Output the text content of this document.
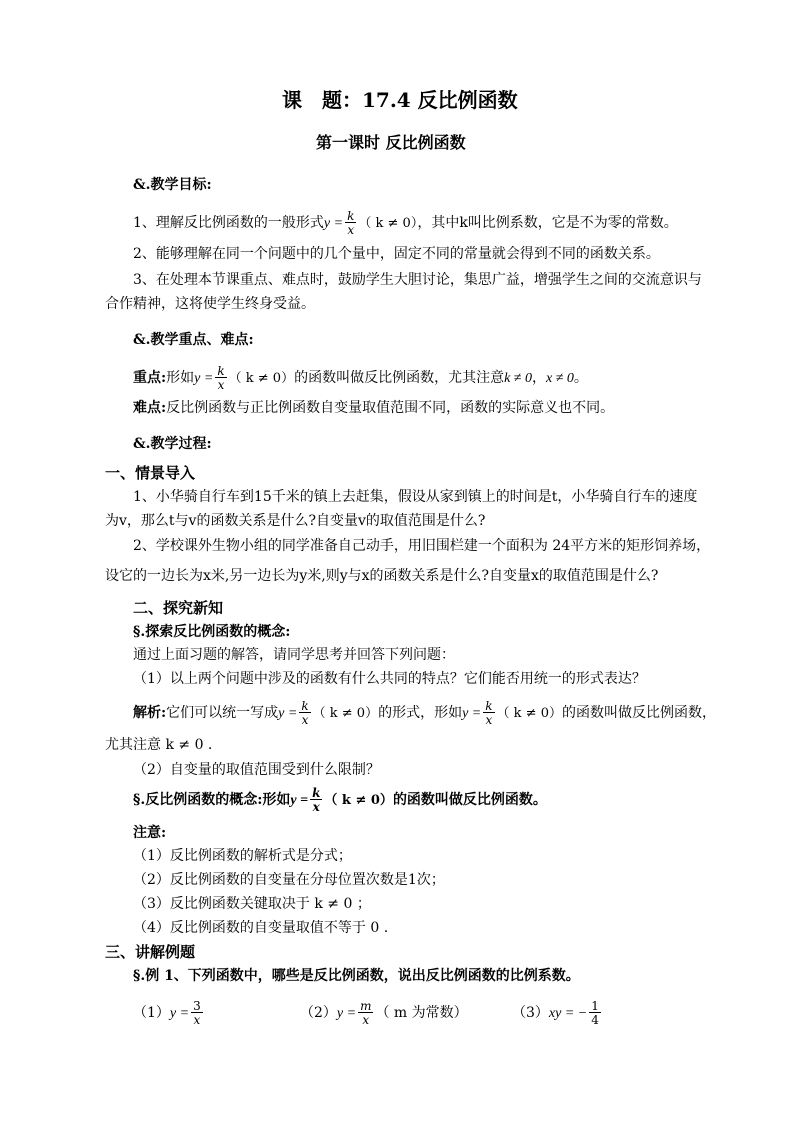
课　题：17.4 反比例函数
第一课时 反比例函数
&.教学目标:
1、理解反比例函数的一般形式$y = \frac{k}{x}$ （ k ≠ 0），其中k叫比例系数，它是不为零的常数。
2、能够理解在同一个问题中的几个量中，固定不同的常量就会得到不同的函数关系。
3、在处理本节课重点、难点时，鼓励学生大胆讨论，集思广益，增强学生之间的交流意识与
合作精神，这将使学生终身受益。
&.教学重点、难点:
重点:形如$y = \frac{k}{x}$ （ k ≠ 0）的函数叫做反比例函数，尤其注意k ≠ 0，x ≠ 0。
难点:反比例函数与正比例函数自变量取值范围不同，函数的实际意义也不同。
&.教学过程:
一、情景导入
1、小华骑自行车到15千米的镇上去赶集，假设从家到镇上的时间是t，小华骑自行车的速度
为v，那么t与v的函数关系是什么?自变量v的取值范围是什么?
2、学校课外生物小组的同学准备自己动手，用旧围栏建一个面积为 24平方米的矩形饲养场，
设它的一边长为x米,另一边长为y米,则y与x的函数关系是什么?自变量x的取值范围是什么?
二、探究新知
§.探索反比例函数的概念:
通过上面习题的解答，请同学思考并回答下列问题：
（1）以上两个问题中涉及的函数有什么共同的特点？它们能否用统一的形式表达？
解析:它们可以统一写成$y = \frac{k}{x}$ （ k ≠ 0）的形式，形如$y = \frac{k}{x}$ （ k ≠ 0）的函数叫做反比例函数，
尤其注意 k ≠ 0 .
（2）自变量的取值范围受到什么限制？
§.反比例函数的概念:形如$y = \frac{k}{x}$ （ k ≠ 0）的函数叫做反比例函数。
注意:
（1）反比例函数的解析式是分式；
（2）反比例函数的自变量在分母位置次数是1次；
（3）反比例函数关键取决于 k ≠ 0 ；
（4）反比例函数的自变量取值不等于 0 .
三、讲解例题
§.例 1、下列函数中，哪些是反比例函数，说出反比例函数的比例系数。
$(1)y = \frac{3}{x}$	$(2)y = \frac{m}{x}$ （ m 为常数）	（3）xy = − $\frac{1}{4}$
